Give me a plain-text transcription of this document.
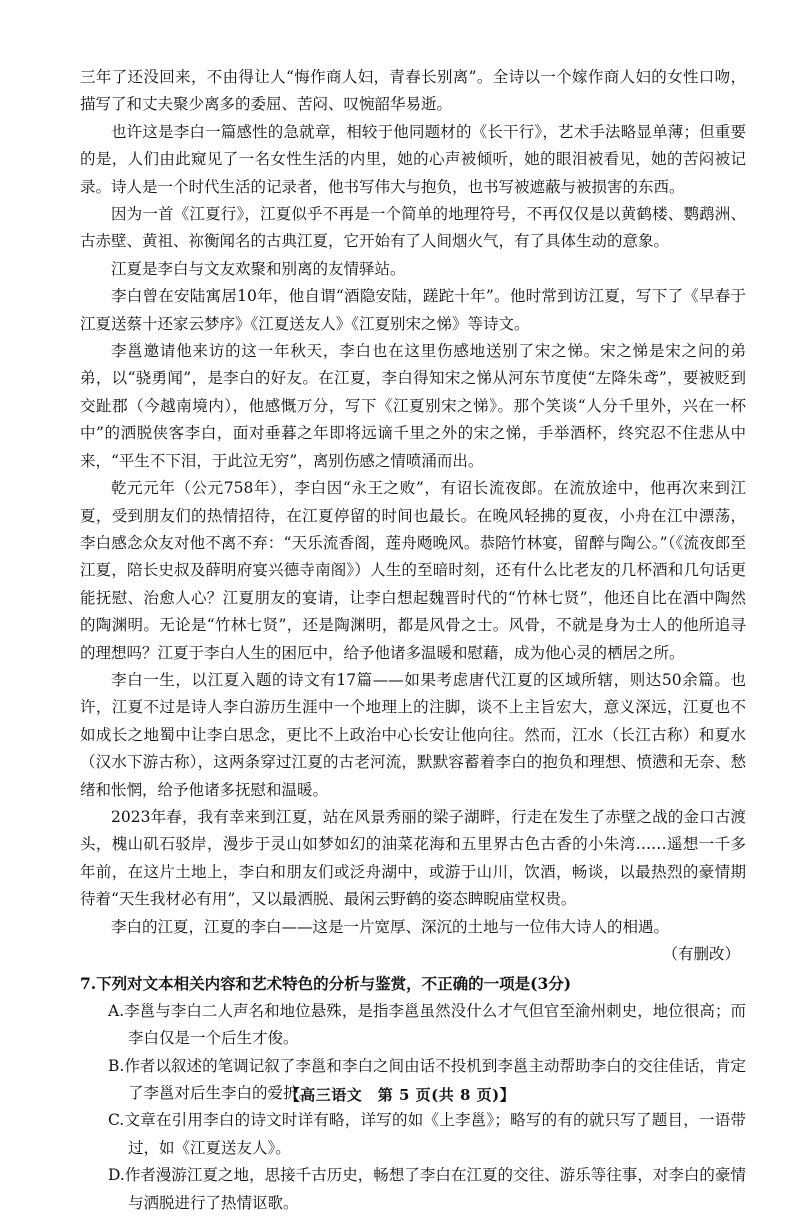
三年了还没回来，不由得让人“悔作商人妇，青春长别离”。全诗以一个嫁作商人妇的女性口吻，描写了和丈夫聚少离多的委屈、苦闷、叹惋韶华易逝。

也许这是李白一篇感性的急就章，相较于他同题材的《长干行》，艺术手法略显单薄；但重要的是，人们由此窥见了一名女性生活的内里，她的心声被倾听，她的眼泪被看见，她的苦闷被记录。诗人是一个时代生活的记录者，他书写伟大与抱负，也书写被遮蔽与被损害的东西。

因为一首《江夏行》，江夏似乎不再是一个简单的地理符号，不再仅仅是以黄鹤楼、鹦鹉洲、古赤壁、黄祖、祢衡闻名的古典江夏，它开始有了人间烟火气，有了具体生动的意象。

江夏是李白与文友欢聚和别离的友情驿站。

李白曾在安陆寓居10年，他自谓“酒隐安陆，蹉跎十年”。他时常到访江夏，写下了《早春于江夏送蔡十还家云梦序》《江夏送友人》《江夏别宋之悌》等诗文。

李邕邀请他来访的这一年秋天，李白也在这里伤感地送别了宋之悌。宋之悌是宋之问的弟弟，以“骁勇闻”，是李白的好友。在江夏，李白得知宋之悌从河东节度使“左降朱鸢”，要被贬到交趾郡（今越南境内），他感慨万分，写下《江夏别宋之悌》。那个笑谈“人分千里外，兴在一杯中”的洒脱侠客李白，面对垂暮之年即将远谪千里之外的宋之悌，手举酒杯，终究忍不住悲从中来，“平生不下泪，于此泣无穷”，离别伤感之情喷涌而出。

乾元元年（公元758年），李白因“永王之败”，有诏长流夜郎。在流放途中，他再次来到江夏，受到朋友们的热情招待，在江夏停留的时间也最长。在晚风轻拂的夏夜，小舟在江中漂荡，李白感念众友对他不离不弃：“天乐流香阁，莲舟飏晚风。恭陪竹林宴，留醉与陶公。”（《流夜郎至江夏，陪长史叔及薛明府宴兴德寺南阁》）人生的至暗时刻，还有什么比老友的几杯酒和几句话更能抚慰、治愈人心？江夏朋友的宴请，让李白想起魏晋时代的“竹林七贤”，他还自比在酒中陶然的陶渊明。无论是“竹林七贤”，还是陶渊明，都是风骨之士。风骨，不就是身为士人的他所追寻的理想吗？江夏于李白人生的困厄中，给予他诸多温暖和慰藉，成为他心灵的栖居之所。

李白一生，以江夏入题的诗文有17篇——如果考虑唐代江夏的区域所辖，则达50余篇。也许，江夏不过是诗人李白游历生涯中一个地理上的注脚，谈不上主旨宏大，意义深远，江夏也不如成长之地蜀中让李白思念，更比不上政治中心长安让他向往。然而，江水（长江古称）和夏水（汉水下游古称），这两条穿过江夏的古老河流，默默容蓄着李白的抱负和理想、愤懑和无奈、愁绪和怅惘，给予他诸多抚慰和温暖。

2023年春，我有幸来到江夏，站在风景秀丽的梁子湖畔，行走在发生了赤壁之战的金口古渡头，槐山矶石驳岸，漫步于灵山如梦如幻的油菜花海和五里界古色古香的小朱湾……遥想一千多年前，在这片土地上，李白和朋友们或泛舟湖中，或游于山川，饮酒，畅谈，以最热烈的豪情期待着“天生我材必有用”，又以最洒脱、最闲云野鹤的姿态睥睨庙堂权贵。

李白的江夏，江夏的李白——这是一片宽厚、深沉的土地与一位伟大诗人的相遇。

（有删改）

7.下列对文本相关内容和艺术特色的分析与鉴赏，不正确的一项是(3分)

A.李邕与李白二人声名和地位悬殊，是指李邕虽然没什么才气但官至渝州刺史，地位很高；而李白仅是一个后生才俊。

B.作者以叙述的笔调记叙了李邕和李白之间由话不投机到李邕主动帮助李白的交往佳话，肯定了李邕对后生李白的爱护。

C.文章在引用李白的诗文时详有略，详写的如《上李邕》；略写的有的就只写了题目，一语带过，如《江夏送友人》。

D.作者漫游江夏之地，思接千古历史，畅想了李白在江夏的交往、游乐等往事，对李白的豪情与洒脱进行了热情讴歌。

【高三语文　第 5 页(共 8 页)】
